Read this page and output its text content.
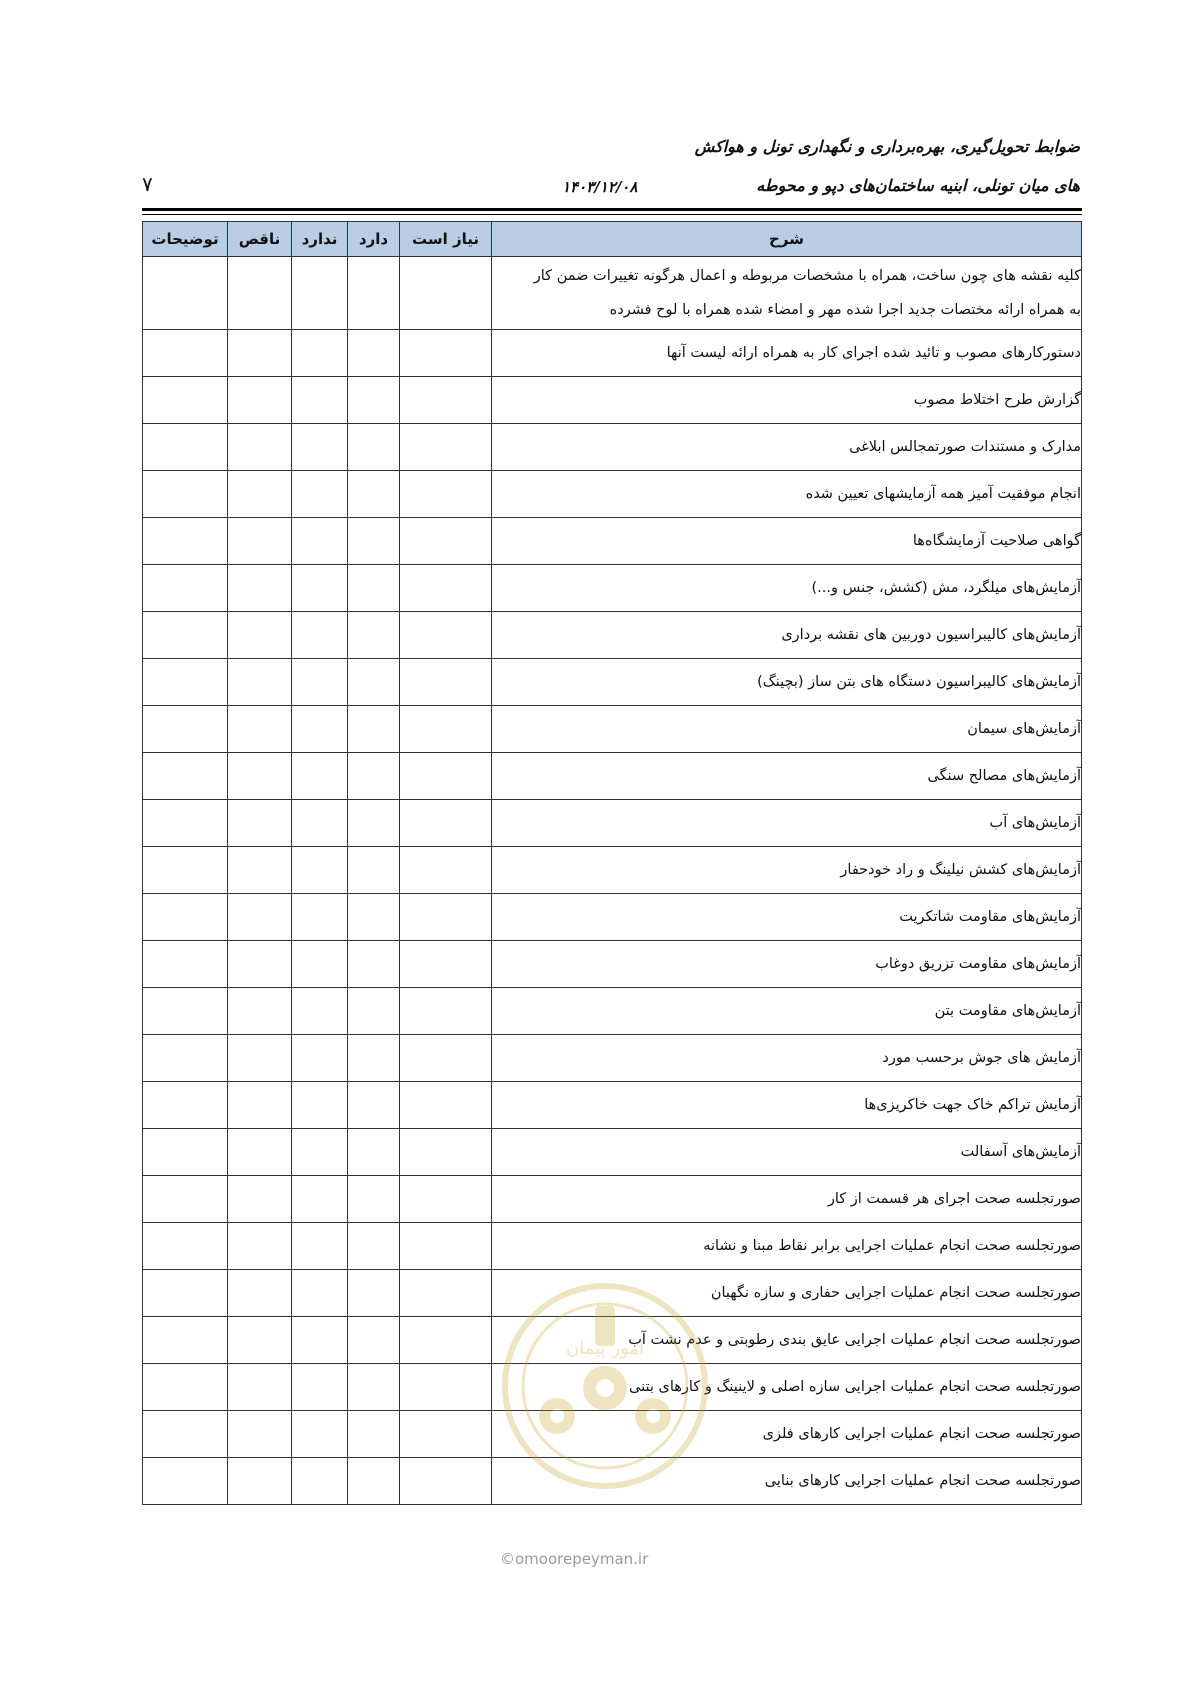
ضوابط تحویل‌گیری، بهره‌برداری و نگهداری تونل و هواکش
های میان تونلی، ابنیه ساختمان‌های دپو و محوطه
۱۴۰۳/۱۲/۰۸
۷
شرح	نیاز است	دارد	ندارد	ناقص	توضیحات

کلیه نقشه های چون ساخت، همراه با مشخصات مربوطه و اعمال هرگونه تغییرات ضمن کار
به همراه ارائه مختصات جدید اجرا شده مهر و امضاء شده همراه با لوح فشرده					

دستورکارهای مصوب و تائید شده اجرای کار به همراه ارائه لیست آنها					

گزارش طرح اختلاط مصوب					

مدارک و مستندات صورتمجالس ابلاغی					

انجام موفقیت آمیز همه آزمایشهای تعیین شده					

گواهی صلاحیت آزمایشگاه‌ها					

آزمایش‌های میلگرد، مش (کشش، جنس و...)					

آزمایش‌های کالیبراسیون دوربین های نقشه برداری					

آزمایش‌های کالیبراسیون دستگاه های بتن ساز (بچینگ)					

آزمایش‌های سیمان					

آزمایش‌های مصالح سنگی					

آزمایش‌های آب					

آزمایش‌های کشش نیلینگ و راد خودحفار					

آزمایش‌های مقاومت شاتکریت					

آزمایش‌های مقاومت تزریق دوغاب					

آزمایش‌های مقاومت بتن					

آزمایش های جوش برحسب مورد					

آزمایش تراکم خاک جهت خاکریزی‌ها					

آزمایش‌های آسفالت					

صورتجلسه صحت اجرای هر قسمت از کار					

صورتجلسه صحت انجام عملیات اجرایی برابر نقاط مبنا و نشانه					

صورتجلسه صحت انجام عملیات اجرایی حفاری و سازه نگهبان					

صورتجلسه صحت انجام عملیات اجرایی عایق بندی رطوبتی و عدم نشت آب					

صورتجلسه صحت انجام عملیات اجرایی سازه اصلی و لاینینگ و کارهای بتنی					

صورتجلسه صحت انجام عملیات اجرایی کارهای فلزی					

صورتجلسه صحت انجام عملیات اجرایی کارهای بنایی					

امور پیمان
©omoorepeyman.ir
